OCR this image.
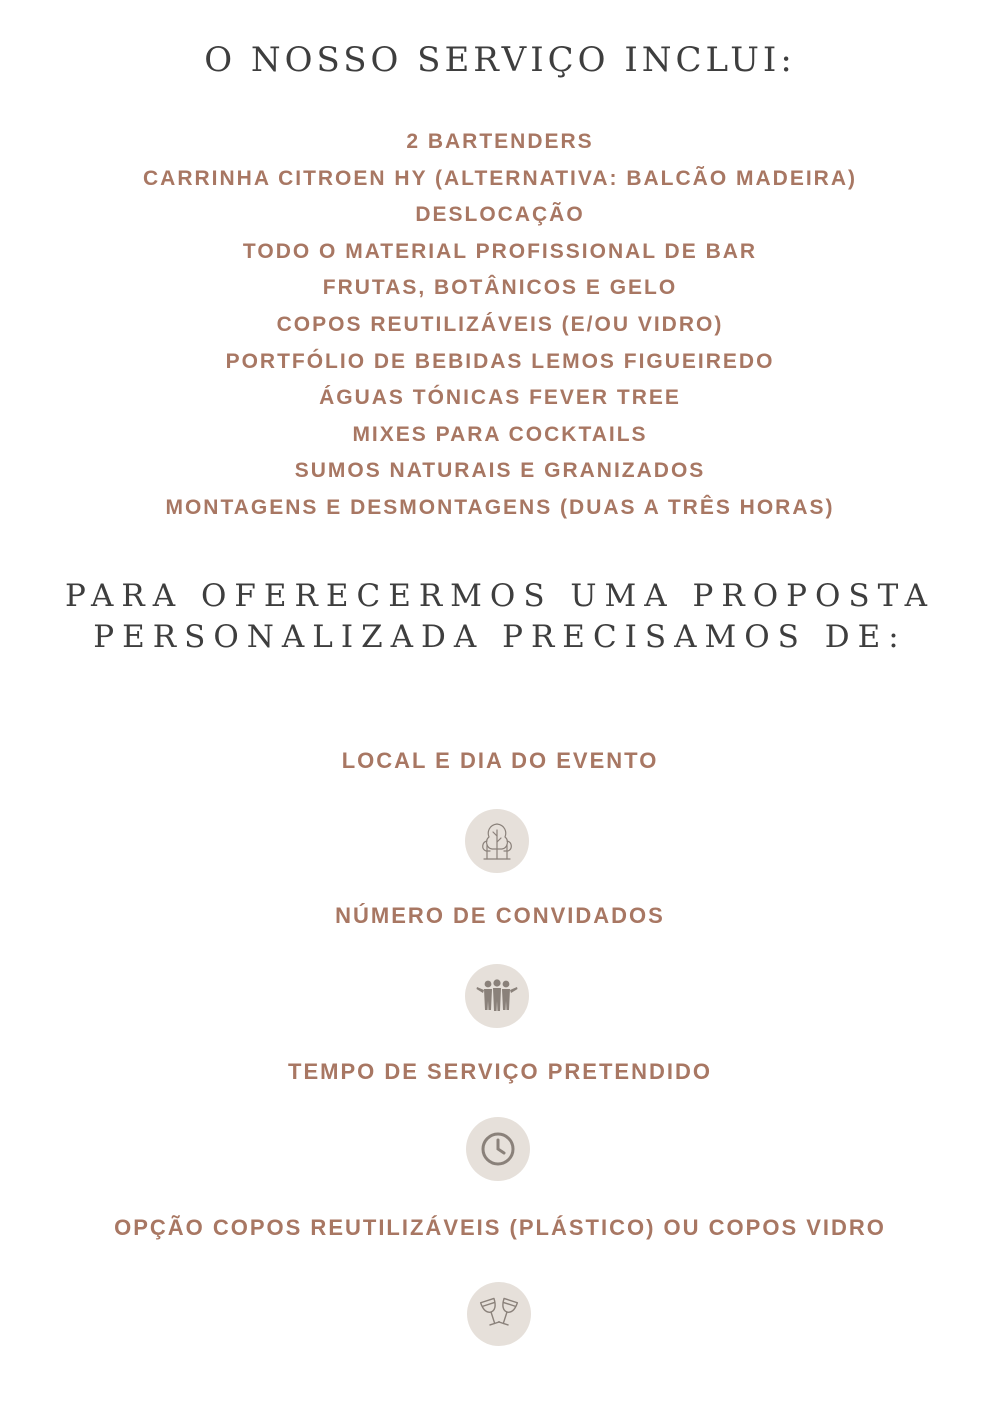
O NOSSO SERVIÇO INCLUI:
2 BARTENDERS
CARRINHA CITROEN HY (ALTERNATIVA: BALCÃO MADEIRA)
DESLOCAÇÃO
TODO O MATERIAL PROFISSIONAL DE BAR
FRUTAS, BOTÂNICOS E GELO
COPOS REUTILIZÁVEIS (E/OU VIDRO)
PORTFÓLIO DE BEBIDAS LEMOS FIGUEIREDO
ÁGUAS TÓNICAS FEVER TREE
MIXES PARA COCKTAILS
SUMOS NATURAIS E GRANIZADOS
MONTAGENS E DESMONTAGENS (DUAS A TRÊS HORAS)
PARA OFERECERMOS UMA PROPOSTA
PERSONALIZADA PRECISAMOS DE:

LOCAL E DIA DO EVENTO

NÚMERO DE CONVIDADOS

TEMPO DE SERVIÇO PRETENDIDO

OPÇÃO COPOS REUTILIZÁVEIS (PLÁSTICO) OU COPOS VIDRO
